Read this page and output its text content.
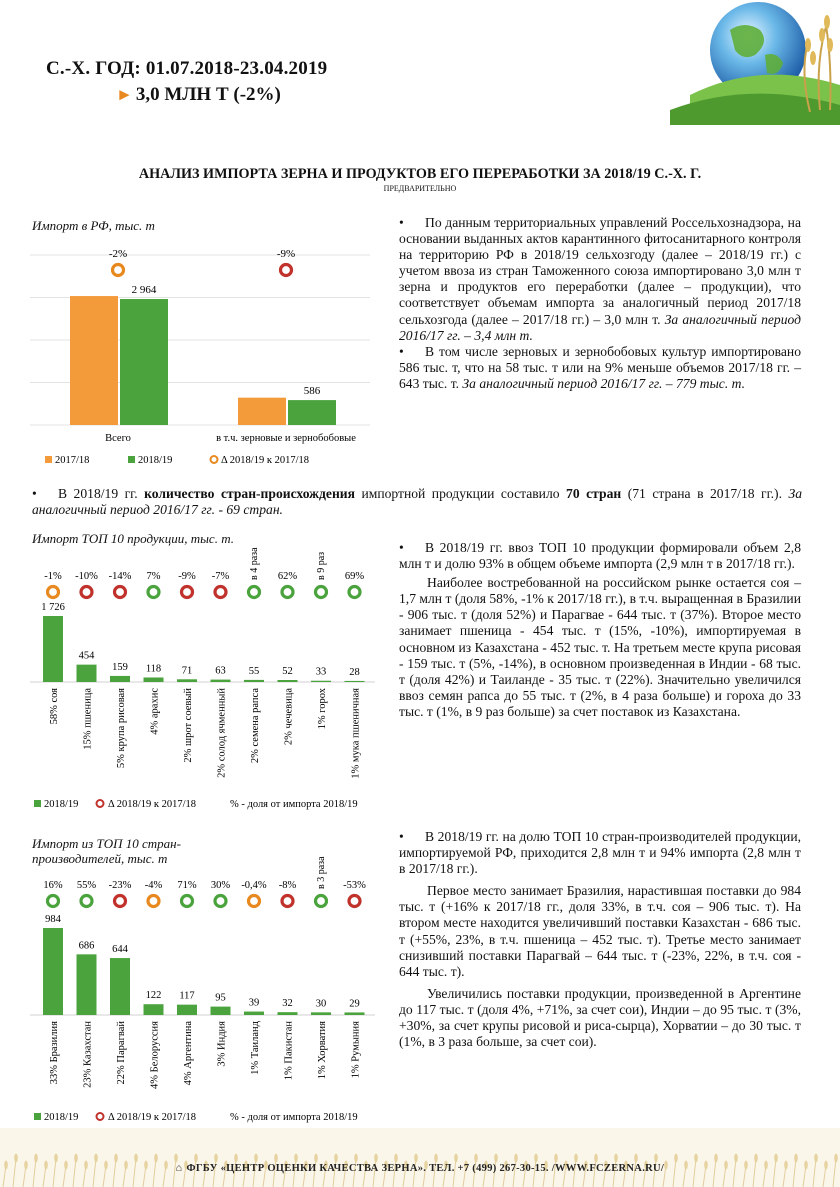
С.-Х. ГОД: 01.07.2018-23.04.2019
► 3,0 МЛН Т (-2%)
АНАЛИЗ ИМПОРТА ЗЕРНА И ПРОДУКТОВ ЕГО ПЕРЕРАБОТКИ ЗА 2018/19 С.-Х. Г.
ПРЕДВАРИТЕЛЬНО
Импорт в РФ, тыс. т
2 964
-2%
Всего
586
-9%
в т.ч. зерновые и зернобобовые
2017/18	2018/19	Δ 2018/19 к 2017/18

• По данным территориальных управлений Россельхознадзора, на основании выданных актов карантинного фитосанитарного контроля на территорию РФ в 2018/19 сельхозгоду (далее – 2018/19 гг.) с учетом ввоза из стран Таможенного союза импортировано 3,0 млн т зерна и продуктов его переработки (далее – продукции), что соответствует объемам импорта за аналогичный период 2017/18 сельхозгода (далее – 2017/18 гг.) – 3,0 млн т. За аналогичный период 2016/17 гг. – 3,4 млн т.

• В том числе зерновых и зернобобовых культур импортировано 586 тыс. т, что на 58 тыс. т или на 9% меньше объемов 2017/18 гг. – 643 тыс. т. За аналогичный период 2016/17 гг. – 779 тыс. т.

• В 2018/19 гг. количество стран-происхождения импортной продукции составило 70 стран (71 страна в 2017/18 гг.). За аналогичный период 2016/17 гг. - 69 стран.

Импорт ТОП 10 продукции, тыс. т.
1 726
-1%
58% соя
454
-10%
15% пшеница
159
-14%
5% крупа рисовая
118
7%
4% арахис
71
-9%
2% шрот соевый
63
-7%
2% солод ячменный
55
в 4 раза
2% семена рапса
52
62%
2% чечевица
33
в 9 раз
1% горох
28
69%
1% мука пшеничная
2018/19	Δ 2018/19 к 2017/18	% - доля от импорта 2018/19

• В 2018/19 гг. ввоз ТОП 10 продукции формировали объем 2,8 млн т и долю 93% в общем объеме импорта (2,9 млн т в 2017/18 гг.).

Наиболее востребованной на российском рынке остается соя – 1,7 млн т (доля 58%, -1% к 2017/18 гг.), в т.ч. выращенная в Бразилии - 906 тыс. т (доля 52%) и Парагвае - 644 тыс. т (37%). Второе место занимает пшеница - 454 тыс. т (15%, -10%), импортируемая в основном из Казахстана - 452 тыс. т. На третьем месте крупа рисовая - 159 тыс. т (5%, -14%), в основном произведенная в Индии - 68 тыс. т (доля 42%) и Таиланде - 35 тыс. т (22%). Значительно увеличился ввоз семян рапса до 55 тыс. т (2%, в 4 раза больше) и гороха до 33 тыс. т (1%, в 9 раз больше) за счет поставок из Казахстана.

Импорт из ТОП 10 стран-производителей, тыс. т
984
16%
33% Бразилия
686
55%
23% Казахстан
644
-23%
22% Парагвай
122
-4%
4% Белоруссия
117
71%
4% Аргентина
95
30%
3% Индия
39
-0,4%
1% Таиланд
32
-8%
1% Пакистан
30
в 3 раза
1% Хорватия
29
-53%
1% Румыния
2018/19	Δ 2018/19 к 2017/18	% - доля от импорта 2018/19

• В 2018/19 гг. на долю ТОП 10 стран-производителей продукции, импортируемой РФ, приходится 2,8 млн т и 94% импорта (2,8 млн т в 2017/18 гг.).

Первое место занимает Бразилия, нарастившая поставки до 984 тыс. т (+16% к 2017/18 гг., доля 33%, в т.ч. соя – 906 тыс. т). На втором месте находится увеличивший поставки Казахстан - 686 тыс. т (+55%, 23%, в т.ч. пшеница – 452 тыс. т). Третье место занимает снизивший поставки Парагвай – 644 тыс. т (-23%, 22%, в т.ч. соя - 644 тыс. т).

Увеличились поставки продукции, произведенной в Аргентине до 117 тыс. т (доля 4%, +71%, за счет сои), Индии – до 95 тыс. т (3%, +30%, за счет крупы рисовой и риса-сырца), Хорватии – до 30 тыс. т (1%, в 3 раза больше, за счет сои).

⌂ ФГБУ «ЦЕНТР ОЦЕНКИ КАЧЕСТВА ЗЕРНА». ТЕЛ. +7 (499) 267-30-15. /WWW.FCZERNA.RU/
